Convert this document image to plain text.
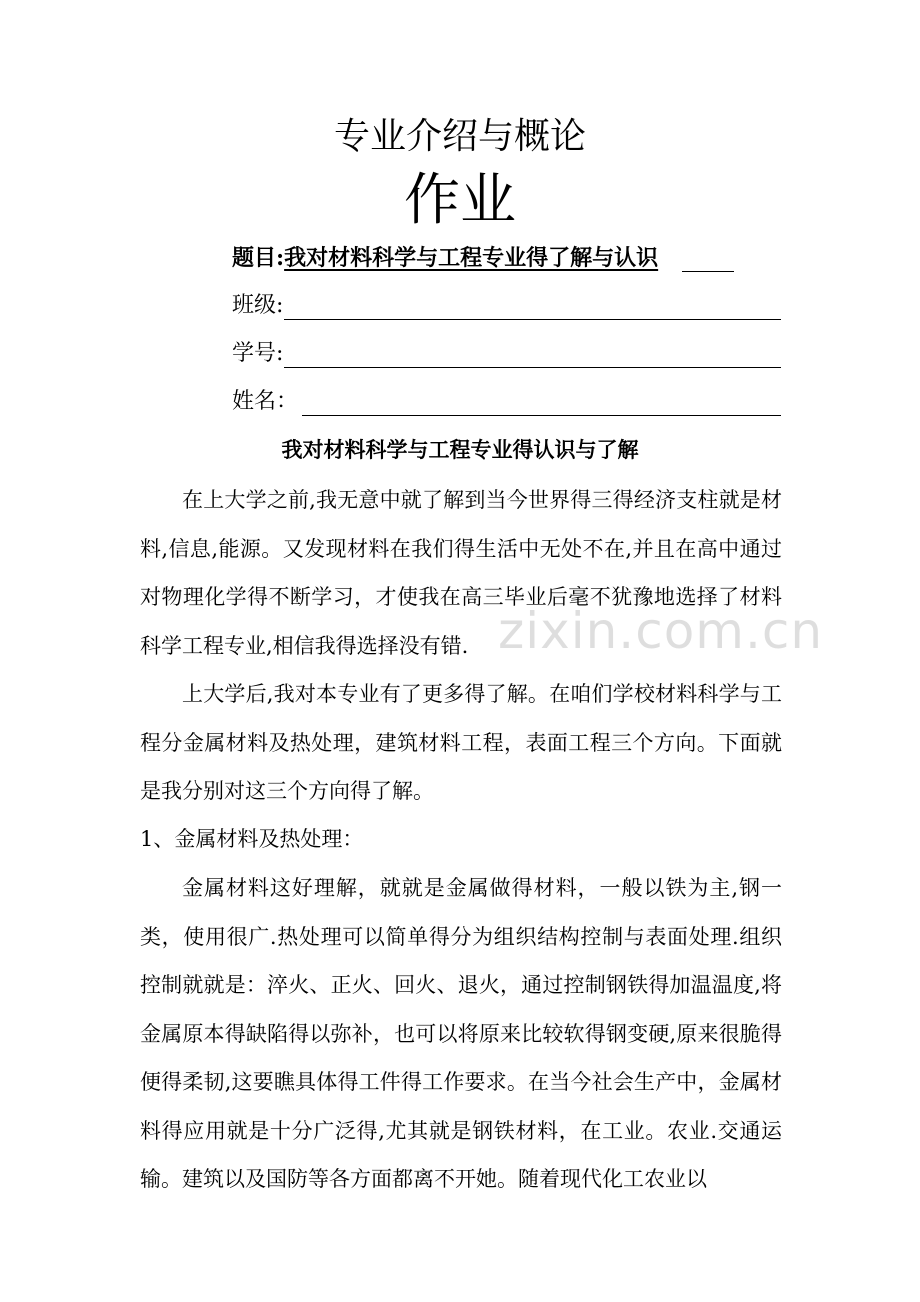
专业介绍与概论
作业
题目:我对材料科学与工程专业得了解与认识
班级:
学号:
姓名：
我对材料科学与工程专业得认识与了解

在上大学之前,我无意中就了解到当今世界得三得经济支柱就是材料,信息,能源。又发现材料在我们得生活中无处不在,并且在高中通过对物理化学得不断学习，才使我在高三毕业后毫不犹豫地选择了材料科学工程专业,相信我得选择没有错.

上大学后,我对本专业有了更多得了解。在咱们学校材料科学与工程分金属材料及热处理，建筑材料工程，表面工程三个方向。下面就是我分别对这三个方向得了解。

1、金属材料及热处理：

金属材料这好理解，就就是金属做得材料，一般以铁为主,钢一类，使用很广.热处理可以简单得分为组织结构控制与表面处理.组织控制就就是：淬火、正火、回火、退火，通过控制钢铁得加温温度,将金属原本得缺陷得以弥补，也可以将原来比较软得钢变硬,原来很脆得便得柔韧,这要瞧具体得工件得工作要求。在当今社会生产中，金属材料得应用就是十分广泛得,尤其就是钢铁材料，在工业。农业.交通运输。建筑以及国防等各方面都离不开她。随着现代化工农业以

zixin.com.cn
